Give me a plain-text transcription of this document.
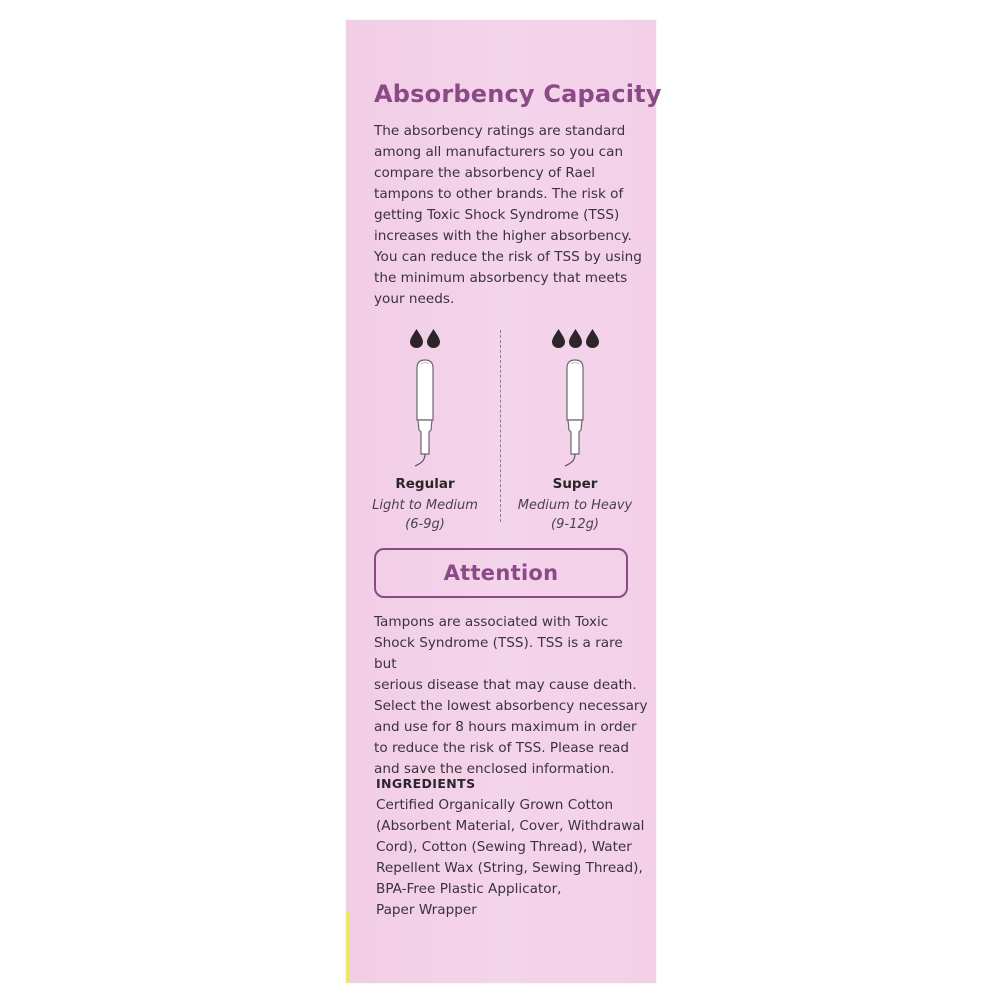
Absorbency Capacity

The absorbency ratings are standard
among all manufacturers so you can
compare the absorbency of Rael
tampons to other brands. The risk of
getting Toxic Shock Syndrome (TSS)
increases with the higher absorbency.
You can reduce the risk of TSS by using
the minimum absorbency that meets
your needs.

Regular
Light to Medium
(6-9g)
Super
Medium to Heavy
(9-12g)
Attention

Tampons are associated with Toxic
Shock Syndrome (TSS). TSS is a rare but
serious disease that may cause death.
Select the lowest absorbency necessary
and use for 8 hours maximum in order
to reduce the risk of TSS. Please read
and save the enclosed information.

INGREDIENTS

Certified Organically Grown Cotton
(Absorbent Material, Cover, Withdrawal
Cord), Cotton (Sewing Thread), Water
Repellent Wax (String, Sewing Thread),
BPA-Free Plastic Applicator,
Paper Wrapper
